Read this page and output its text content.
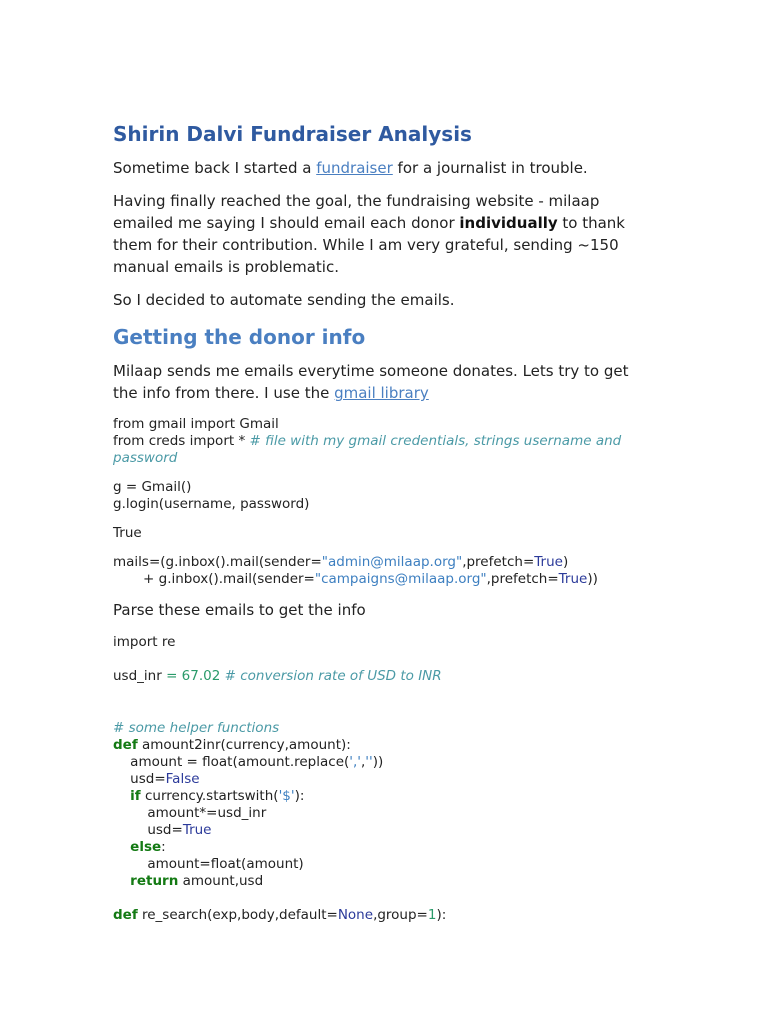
Shirin Dalvi Fundraiser Analysis

Sometime back I started a fundraiser for a journalist in trouble.

Having finally reached the goal, the fundraising website - milaap emailed me saying I should email each donor individually to thank them for their contribution. While I am very grateful, sending ~150 manual emails is problematic.

So I decided to automate sending the emails.

Getting the donor info

Milaap sends me emails everytime someone donates. Lets try to get the info from there. I use the gmail library

from gmail import Gmail
from creds import * # file with my gmail credentials, strings username and
password
g = Gmail()
g.login(username, password)
True
mails=(g.inbox().mail(sender="admin@milaap.org",prefetch=True)
+ g.inbox().mail(sender="campaigns@milaap.org",prefetch=True))

Parse these emails to get the info

import re
usd_inr = 67.02 # conversion rate of USD to INR
# some helper functions
def amount2inr(currency,amount):
amount = float(amount.replace(',',''))
usd=False
if currency.startswith('$'):
amount*=usd_inr
usd=True
else:
amount=float(amount)
return amount,usd

def re_search(exp,body,default=None,group=1):
